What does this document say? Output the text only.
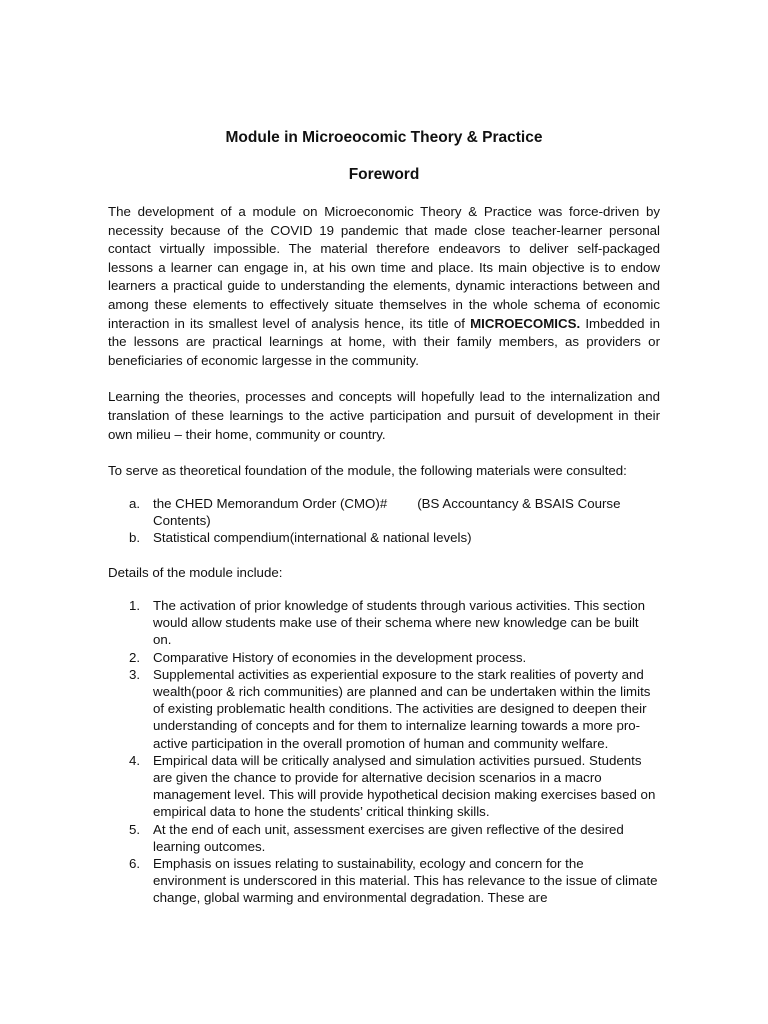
Module in Microeocomic Theory & Practice
Foreword

The development of a module on Microeconomic Theory & Practice was force-driven by necessity because of the COVID 19 pandemic that made close teacher-learner personal contact virtually impossible. The material therefore endeavors to deliver self-packaged lessons a learner can engage in, at his own time and place. Its main objective is to endow learners a practical guide to understanding the elements, dynamic interactions between and among these elements to effectively situate themselves in the whole schema of economic interaction in its smallest level of analysis hence, its title of MICROECOMICS. Imbedded in the lessons are practical learnings at home, with their family members, as providers or beneficiaries of economic largesse in the community.

Learning the theories, processes and concepts will hopefully lead to the internalization and translation of these learnings to the active participation and pursuit of development in their own milieu – their home, community or country.

To serve as theoretical foundation of the module, the following materials were consulted:

a. the CHED Memorandum Order (CMO)# (BS Accountancy & BSAIS Course Contents)
b. Statistical compendium(international & national levels)

Details of the module include:

1. The activation of prior knowledge of students through various activities. This section would allow students make use of their schema where new knowledge can be built on.
2. Comparative History of economies in the development process.
3. Supplemental activities as experiential exposure to the stark realities of poverty and wealth(poor & rich communities) are planned and can be undertaken within the limits of existing problematic health conditions. The activities are designed to deepen their understanding of concepts and for them to internalize learning towards a more pro-active participation in the overall promotion of human and community welfare.
4. Empirical data will be critically analysed and simulation activities pursued. Students are given the chance to provide for alternative decision scenarios in a macro management level. This will provide hypothetical decision making exercises based on empirical data to hone the students’ critical thinking skills.
5. At the end of each unit, assessment exercises are given reflective of the desired learning outcomes.
6. Emphasis on issues relating to sustainability, ecology and concern for the environment is underscored in this material. This has relevance to the issue of climate change, global warming and environmental degradation. These are
